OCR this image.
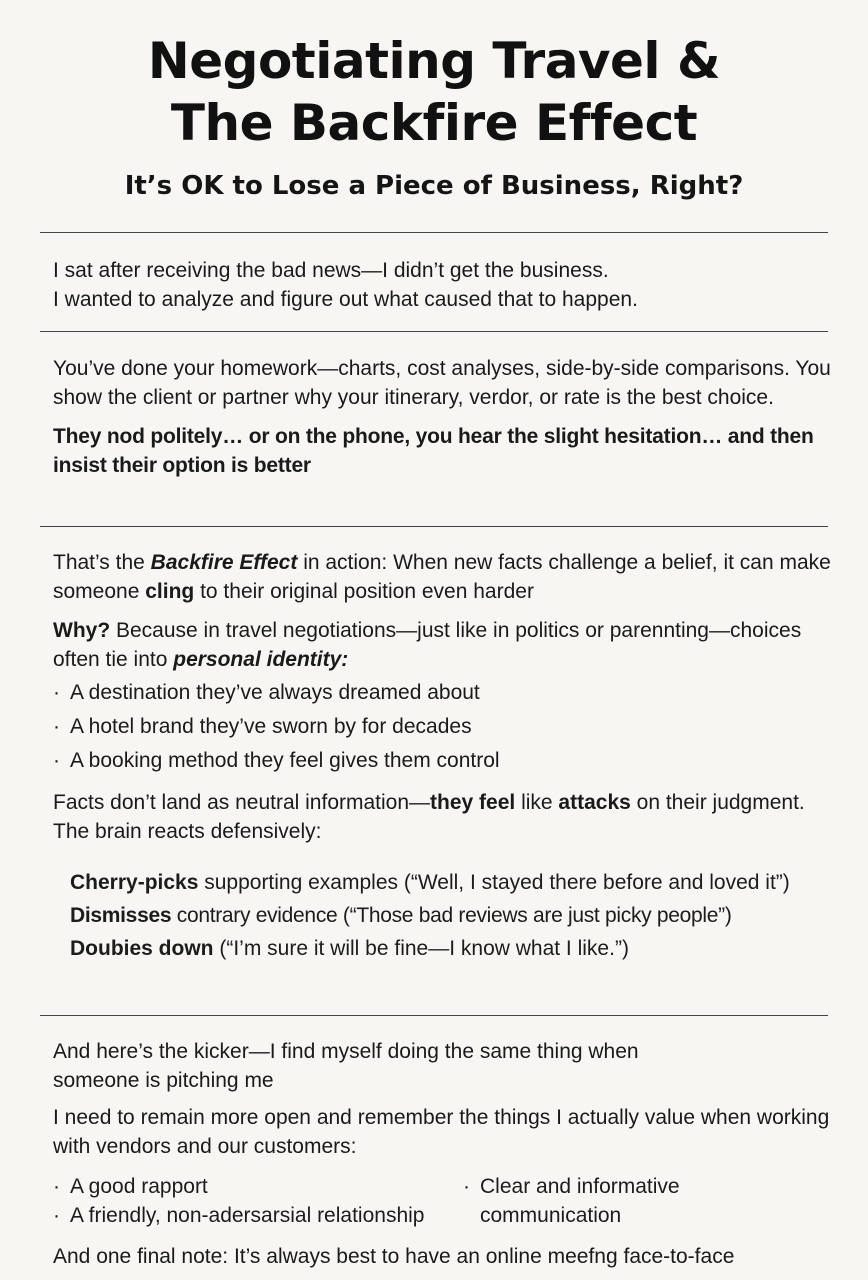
Negotiating Travel &
The Backfire Effect
It’s OK to Lose a Piece of Business, Right?

I sat after receiving the bad news—I didn’t get the business.

I wanted to analyze and figure out what caused that to happen.

You’ve done your homework—charts, cost analyses, side-by-side comparisons. You show the client or partner why your itinerary, verdor, or rate is the best choice.

They nod politely… or on the phone, you hear the slight hesitation… and then insist their option is better

That’s the Backfire Effect in action: When new facts challenge a belief, it can make someone cling to their original position even harder

Why? Because in travel negotiations—just like in politics or parennting—choices often tie into personal identity:

· A destination they’ve always dreamed about
· A hotel brand they’ve sworn by for decades
· A booking method they feel gives them control

Facts don’t land as neutral information—they feel like attacks on their judgment. The brain reacts defensively:

Cherry-picks supporting examples (“Well, I stayed there before and loved it”)

Dismisses contrary evidence (“Those bad reviews are just picky people”)

Doubies down (“I’m sure it will be fine—I know what I like.”)

And here’s the kicker—I find myself doing the same thing when someone is pitching me

I need to remain more open and remember the things I actually value when working with vendors and our customers:

· A good rapport
· A friendly, non-adersarsial relationship
· Clear and informative communication

And one final note: It’s always best to have an online meefng face-to-face
